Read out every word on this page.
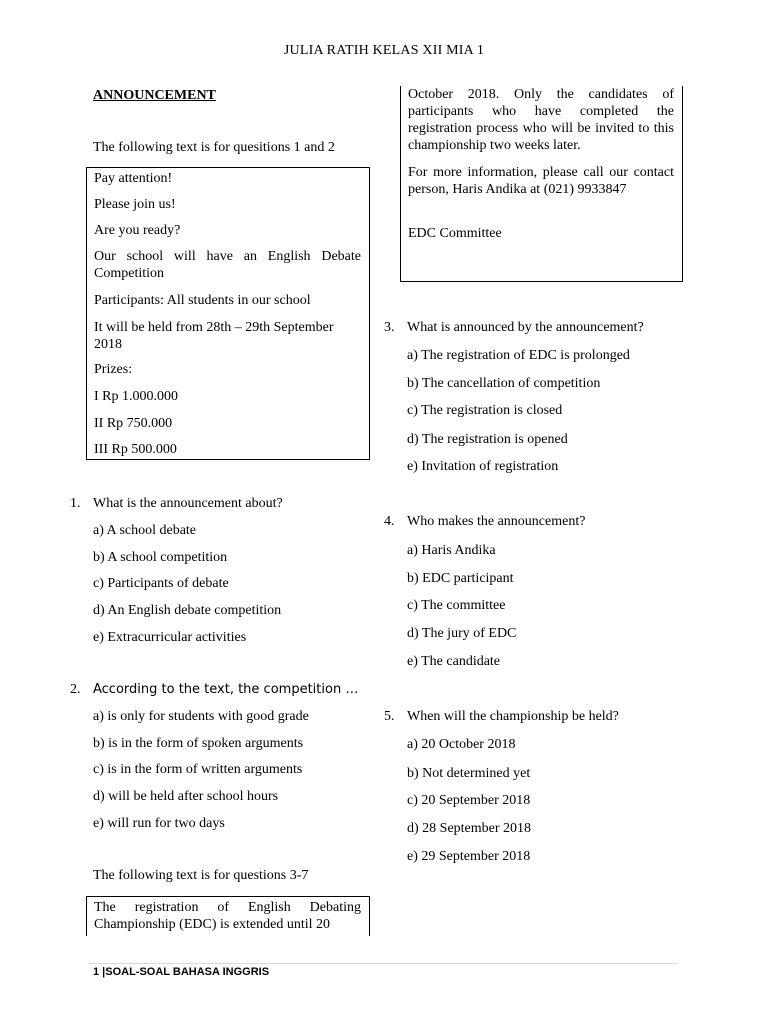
JULIA RATIH KELAS XII MIA 1
ANNOUNCEMENT
The following text is for quesitions 1 and 2
Pay attention!
Please join us!
Are you ready?
Our school will have an English Debate Competition
Participants: All students in our school
It will be held from 28th – 29th September 2018
Prizes:
I Rp 1.000.000
II Rp 750.000
III Rp 500.000
1. What is the announcement about?
a) A school debate
b) A school competition
c) Participants of debate
d) An English debate competition
e) Extracurricular activities
2. According to the text, the competition …
a) is only for students with good grade
b) is in the form of spoken arguments
c) is in the form of written arguments
d) will be held after school hours
e) will run for two days
The following text is for questions 3-7
The registration of English Debating Championship (EDC) is extended until 20

October 2018. Only the candidates of participants who have completed the registration process who will be invited to this championship two weeks later.

For more information, please call our contact person, Haris Andika at (021) 9933847

EDC Committee

3. What is announced by the announcement?
a) The registration of EDC is prolonged
b) The cancellation of competition
c) The registration is closed
d) The registration is opened
e) Invitation of registration
4. Who makes the announcement?
a) Haris Andika
b) EDC participant
c) The committee
d) The jury of EDC
e) The candidate
5. When will the championship be held?
a) 20 October 2018
b) Not determined yet
c) 20 September 2018
d) 28 September 2018
e) 29 September 2018
1 |SOAL-SOAL BAHASA INGGRIS
